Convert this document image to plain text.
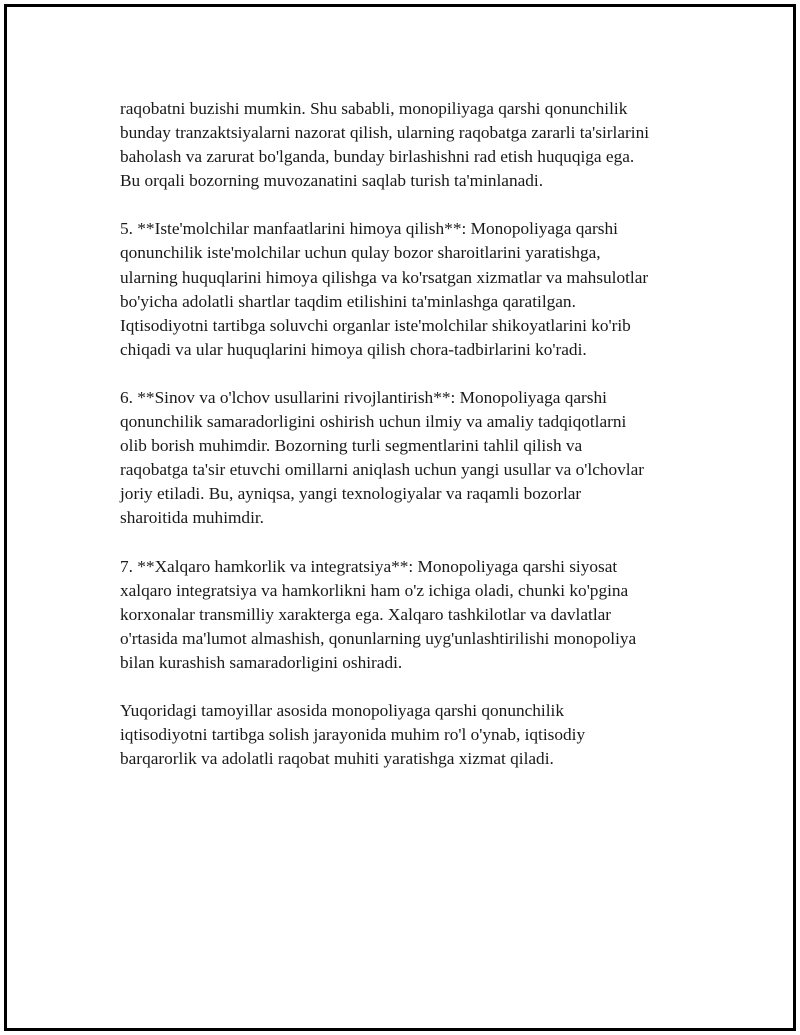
raqobatni buzishi mumkin. Shu sababli, monopiliyaga qarshi qonunchilik
bunday tranzaktsiyalarni nazorat qilish, ularning raqobatga zararli ta'sirlarini
baholash va zarurat bo'lganda, bunday birlashishni rad etish huquqiga ega.
Bu orqali bozorning muvozanatini saqlab turish ta'minlanadi.

5. **Iste'molchilar manfaatlarini himoya qilish**: Monopoliyaga qarshi
qonunchilik iste'molchilar uchun qulay bozor sharoitlarini yaratishga,
ularning huquqlarini himoya qilishga va ko'rsatgan xizmatlar va mahsulotlar
bo'yicha adolatli shartlar taqdim etilishini ta'minlashga qaratilgan.
Iqtisodiyotni tartibga soluvchi organlar iste'molchilar shikoyatlarini ko'rib
chiqadi va ular huquqlarini himoya qilish chora-tadbirlarini ko'radi.

6. **Sinov va o'lchov usullarini rivojlantirish**: Monopoliyaga qarshi
qonunchilik samaradorligini oshirish uchun ilmiy va amaliy tadqiqotlarni
olib borish muhimdir. Bozorning turli segmentlarini tahlil qilish va
raqobatga ta'sir etuvchi omillarni aniqlash uchun yangi usullar va o'lchovlar
joriy etiladi. Bu, ayniqsa, yangi texnologiyalar va raqamli bozorlar
sharoitida muhimdir.

7. **Xalqaro hamkorlik va integratsiya**: Monopoliyaga qarshi siyosat
xalqaro integratsiya va hamkorlikni ham o'z ichiga oladi, chunki ko'pgina
korxonalar transmilliy xarakterga ega. Xalqaro tashkilotlar va davlatlar
o'rtasida ma'lumot almashish, qonunlarning uyg'unlashtirilishi monopoliya
bilan kurashish samaradorligini oshiradi.

Yuqoridagi tamoyillar asosida monopoliyaga qarshi qonunchilik
iqtisodiyotni tartibga solish jarayonida muhim ro'l o'ynab, iqtisodiy
barqarorlik va adolatli raqobat muhiti yaratishga xizmat qiladi.
